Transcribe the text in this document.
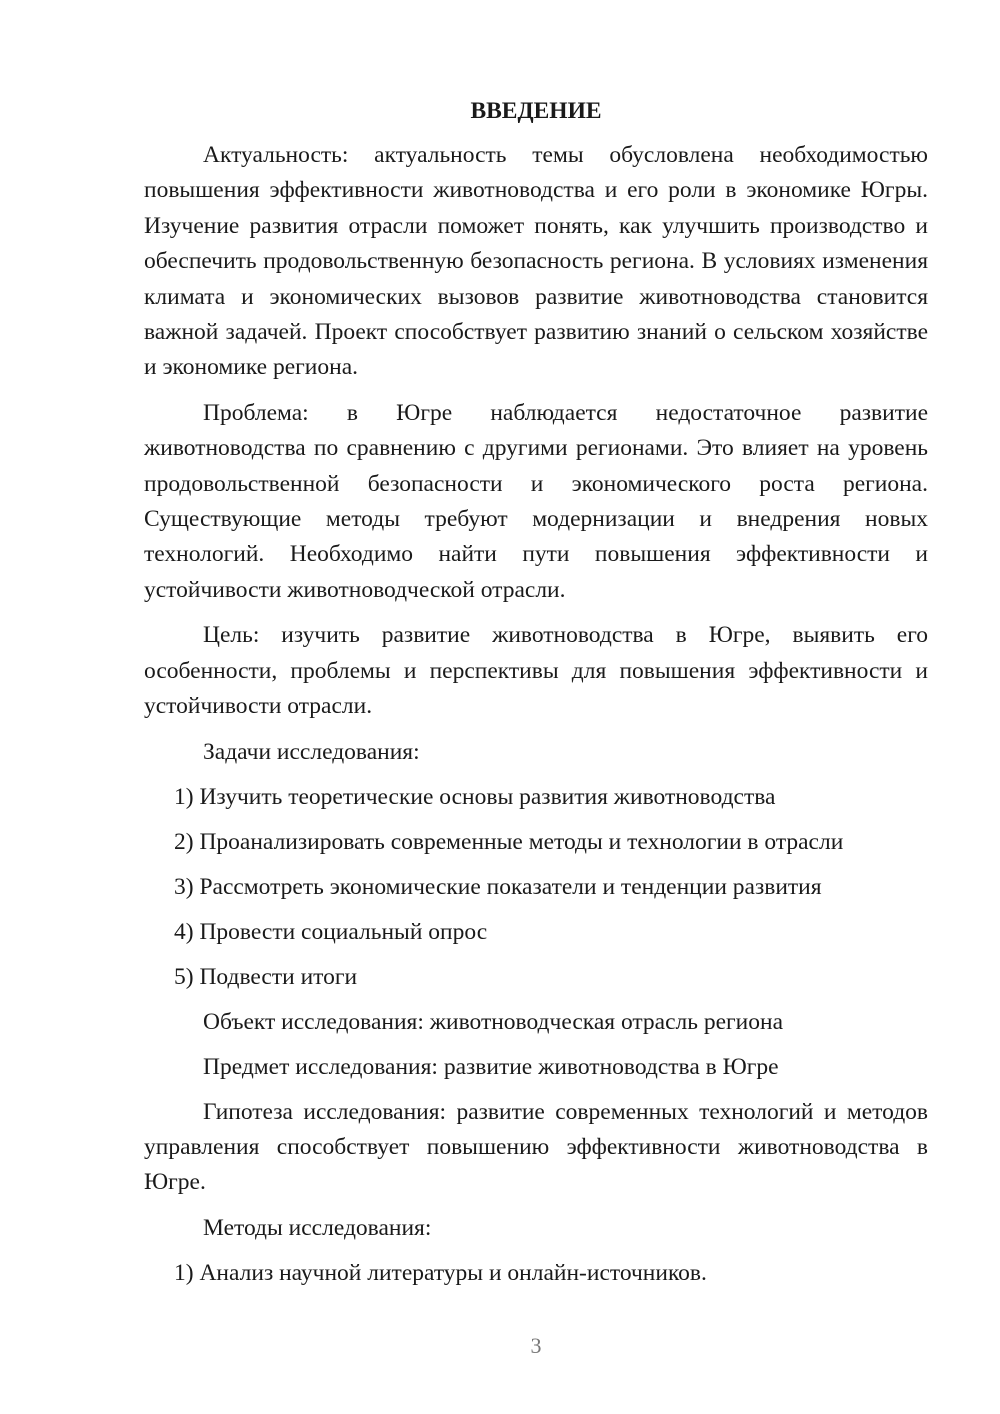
ВВЕДЕНИЕ

Актуальность: актуальность темы обусловлена необходимостью повышения эффективности животноводства и его роли в экономике Югры. Изучение развития отрасли поможет понять, как улучшить производство и обеспечить продовольственную безопасность региона. В условиях изменения климата и экономических вызовов развитие животноводства становится важной задачей. Проект способствует развитию знаний о сельском хозяйстве и экономике региона.

Проблема: в Югре наблюдается недостаточное развитие животноводства по сравнению с другими регионами. Это влияет на уровень продовольственной безопасности и экономического роста региона. Существующие методы требуют модернизации и внедрения новых технологий. Необходимо найти пути повышения эффективности и устойчивости животноводческой отрасли.

Цель: изучить развитие животноводства в Югре, выявить его особенности, проблемы и перспективы для повышения эффективности и устойчивости отрасли.

Задачи исследования:
1) Изучить теоретические основы развития животноводства
2) Проанализировать современные методы и технологии в отрасли
3) Рассмотреть экономические показатели и тенденции развития
4) Провести социальный опрос
5) Подвести итоги
Объект исследования: животноводческая отрасль региона
Предмет исследования: развитие животноводства в Югре

Гипотеза исследования: развитие современных технологий и методов управления способствует повышению эффективности животноводства в Югре.

Методы исследования:
1) Анализ научной литературы и онлайн-источников.
3
